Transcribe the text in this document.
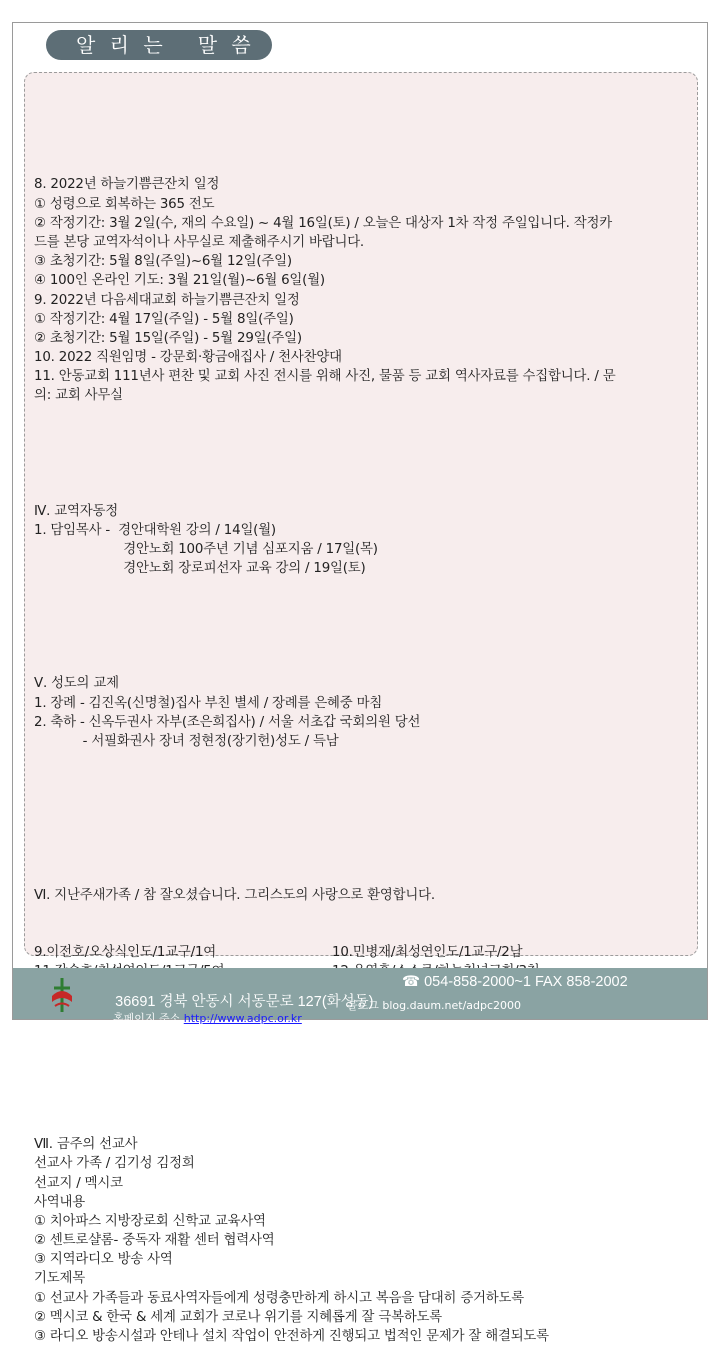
알 리 는   말 씀

8. 2022년 하늘기쁨큰잔치 일정
① 성령으로 회복하는 365 전도
② 작정기간: 3월 2일(수, 재의 수요일) ~ 4월 16일(토) / 오늘은 대상자 1차 작정 주일입니다. 작정카
드를 본당 교역자석이나 사무실로 제출해주시기 바랍니다.
③ 초청기간: 5월 8일(주일)~6월 12일(주일)
④ 100인 온라인 기도: 3월 21일(월)~6월 6일(월)
9. 2022년 다음세대교회 하늘기쁨큰잔치 일정
① 작정기간: 4월 17일(주일) - 5월 8일(주일)
② 초청기간: 5월 15일(주일) - 5월 29일(주일)
10. 2022 직원임명 - 강문회·황금애집사 / 천사찬양대
11. 안동교회 111년사 편찬 및 교회 사진 전시를 위해 사진, 물품 등 교회 역사자료를 수집합니다. / 문
의: 교회 사무실

Ⅳ. 교역자동정
1. 담임목사 -  경안대학원 강의 / 14일(월)
경안노회 100주년 기념 심포지움 / 17일(목)
경안노회 장로피선자 교육 강의 / 19일(토)

Ⅴ. 성도의 교제
1. 장례 - 김진옥(신명철)집사 부친 별세 / 장례를 은혜중 마침
2. 축하 - 신옥두권사 자부(조은희집사) / 서울 서초갑 국회의원 당선
- 서필화권사 장녀 정현정(장기헌)성도 / 득남

Ⅵ. 지난주새가족 / 참 잘오셨습니다. 그리스도의 사랑으로 환영합니다.

9.이전호/오상식인도/1교구/1여	10.민병재/최성연인도/1교구/2남

Ⅶ. 금주의 선교사
선교사 가족 / 김기성 김정희
선교지 / 멕시코
사역내용
① 치아파스 지방장로회 신학교 교육사역
② 센트로샬롬- 중독자 재활 센터 협력사역
③ 지역라디오 방송 사역
기도제목
① 선교사 가족들과 동료사역자들에게 성령충만하게 하시고 복음을 담대히 증거하도록
② 멕시코 & 한국 & 세계 교회가 코로나 위기를 지혜롭게 잘 극복하도록
③ 라디오 방송시설과 안테나 설치 작업이 안전하게 진행되고 법적인 문제가 잘 해결되도록

36691 경북 안동시 서동문로 127(화성동)

☎ 054-858-2000~1 FAX 858-2002

홈페이지 주소 http://www.adpc.or.kr

블로그 blog.daum.net/adpc2000
